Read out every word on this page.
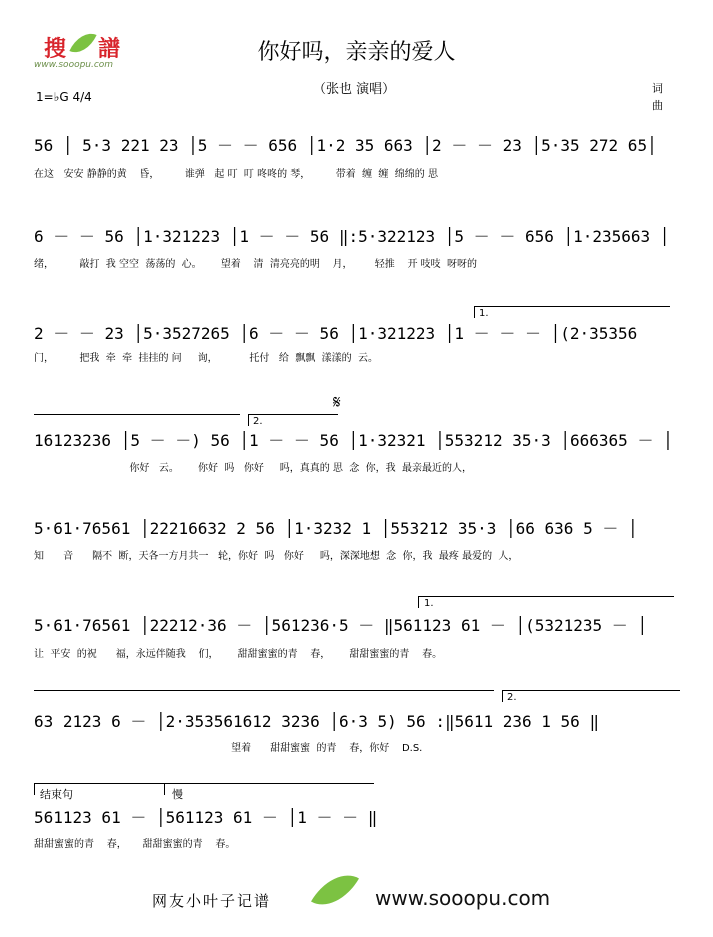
搜 譜
www.sooopu.com	你好吗，亲亲的爱人
（张也 演唱）
1=♭G 4/4
词
曲
56 │ 5·3 221 23 │5 － － 656 │1·2 35 663 │2 － － 23 │5·35 272 65│
在这   安安 静静的黄    昏，        谁弹   起 叮  叮 咚咚的 琴，        带着  缠  缠  绵绵的 思
6 － － 56 │1·321223 │1 － － 56 ‖:5·322123 │5 － － 656 │1·235663 │
绪，        敲打  我 空空  荡荡的  心。      望着    清  清亮亮的明    月，       轻推    开 吱吱  呀呀的
1.
2 － － 23 │5·3527265 │6 － － 56 │1·321223 │1 － － － │(2·35356
门，        把我  牵  牵  挂挂的 问     询，          托付   给  飘飘  漾漾的  云。
2.
𝄋
16123236 │5 － －) 56 │1 － － 56 │1·32321 │553212 35·3 │666365 － │
你好   云。      你好  吗   你好     吗，真真的 思  念  你，我  最亲最近的人，
5·61·76561 │22216632 2 56 │1·3232 1 │553212 35·3 │66 636 5 － │
知      音      隔不  断，天各一方月共一   轮，你好  吗   你好     吗，深深地想  念  你，我  最疼 最爱的  人，
1.
5·61·76561 │22212·36 － │561236·5 － ‖561123 61 － │(5321235 － │
让  平安  的祝      福，永远伴随我    们，      甜甜蜜蜜的青    春，      甜甜蜜蜜的青    春。
2.
63 2123 6 － │2·353561612 3236 │6·3 5) 56 :‖5611 236 1 56 ‖
望着      甜甜蜜蜜  的青    春，你好    D.S.
结束句	慢
561123 61 － │561123 61 － │1 － － ‖
甜甜蜜蜜的青    春，     甜甜蜜蜜的青    春。
网友小叶子记谱	www.sooopu.com
